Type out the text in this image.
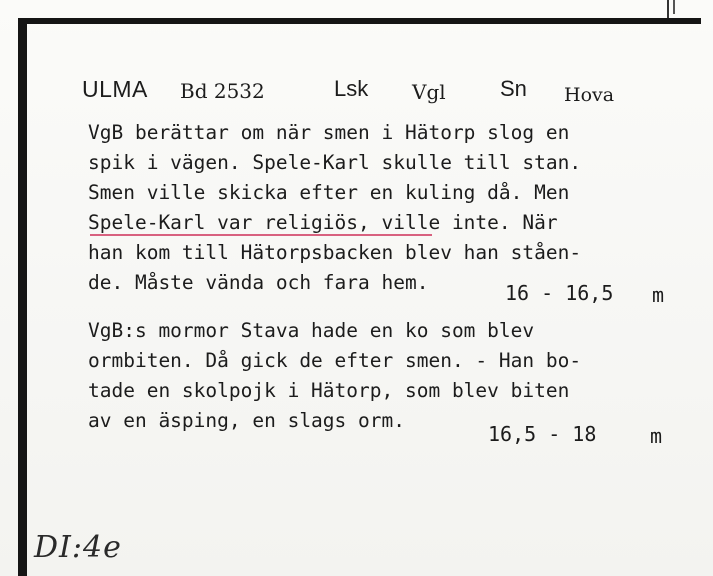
ULMA Bd 2532	Lsk Vgl Sn Hova
VgB berättar om när smen i Hätorp slog en
spik i vägen. Spele-Karl skulle till stan.
Smen ville skicka efter en kuling då. Men
Spele-Karl var religiös, ville inte. När
han kom till Hätorpsbacken blev han ståen-
de. Måste vända och fara hem.	16 - 16,5 m
VgB:s mormor Stava hade en ko som blev
ormbiten. Då gick de efter smen. - Han bo-
tade en skolpojk i Hätorp, som blev biten
av en äsping, en slags orm.
16,5 - 18	m
DI:4e
